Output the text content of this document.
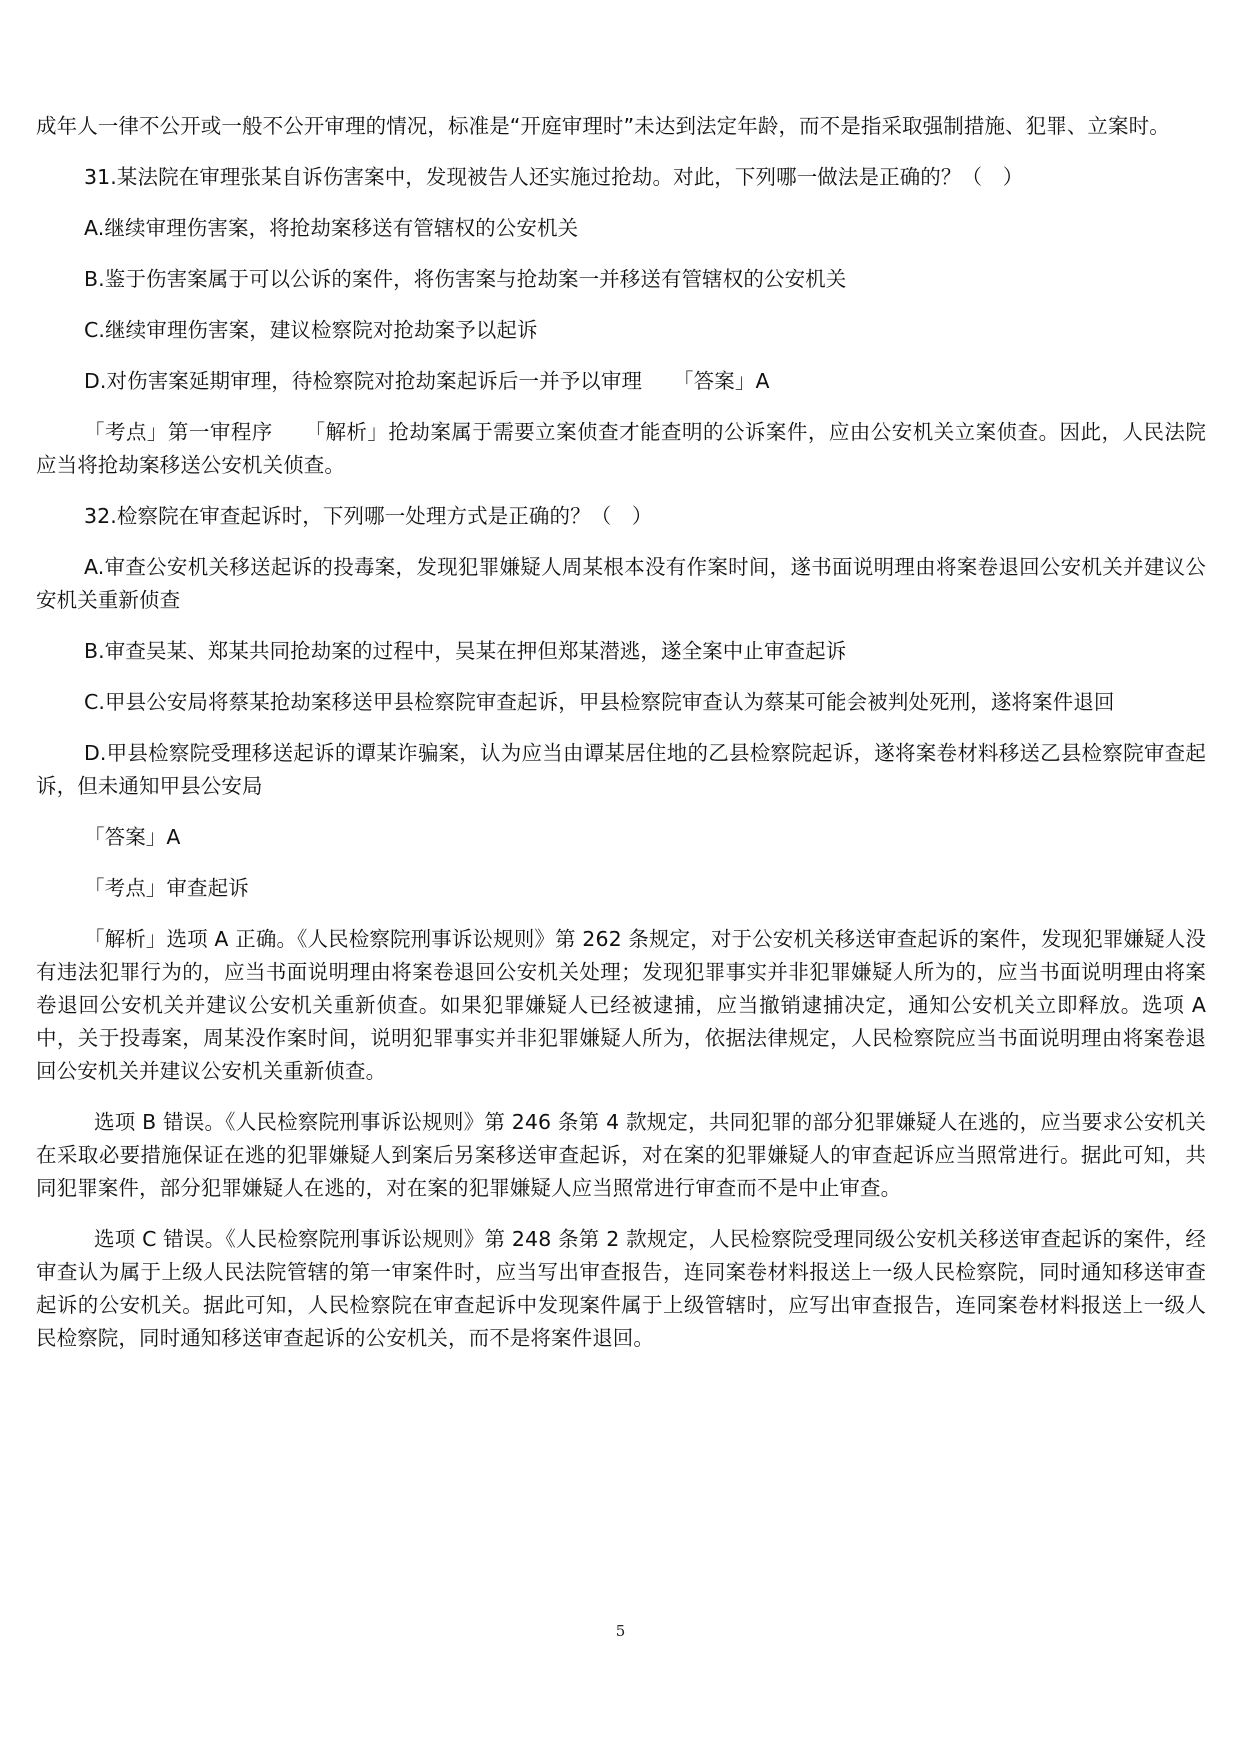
成年人一律不公开或一般不公开审理的情况，标准是“开庭审理时”未达到法定年龄，而不是指采取强制措施、犯罪、立案时。

31.某法院在审理张某自诉伤害案中，发现被告人还实施过抢劫。对此，下列哪一做法是正确的？（　）

A.继续审理伤害案，将抢劫案移送有管辖权的公安机关

B.鉴于伤害案属于可以公诉的案件，将伤害案与抢劫案一并移送有管辖权的公安机关

C.继续审理伤害案，建议检察院对抢劫案予以起诉

D.对伤害案延期审理，待检察院对抢劫案起诉后一并予以审理　　「答案」A

「考点」第一审程序　　「解析」抢劫案属于需要立案侦查才能查明的公诉案件，应由公安机关立案侦查。因此，人民法院应当将抢劫案移送公安机关侦查。

32.检察院在审查起诉时，下列哪一处理方式是正确的？（　）

A.审查公安机关移送起诉的投毒案，发现犯罪嫌疑人周某根本没有作案时间，遂书面说明理由将案卷退回公安机关并建议公安机关重新侦查

B.审查吴某、郑某共同抢劫案的过程中，吴某在押但郑某潜逃，遂全案中止审查起诉

C.甲县公安局将蔡某抢劫案移送甲县检察院审查起诉，甲县检察院审查认为蔡某可能会被判处死刑，遂将案件退回

D.甲县检察院受理移送起诉的谭某诈骗案，认为应当由谭某居住地的乙县检察院起诉，遂将案卷材料移送乙县检察院审查起诉，但未通知甲县公安局

「答案」A

「考点」审查起诉

「解析」选项 A 正确。《人民检察院刑事诉讼规则》第 262 条规定，对于公安机关移送审查起诉的案件，发现犯罪嫌疑人没有违法犯罪行为的，应当书面说明理由将案卷退回公安机关处理；发现犯罪事实并非犯罪嫌疑人所为的，应当书面说明理由将案卷退回公安机关并建议公安机关重新侦查。如果犯罪嫌疑人已经被逮捕，应当撤销逮捕决定，通知公安机关立即释放。选项 A 中，关于投毒案，周某没作案时间，说明犯罪事实并非犯罪嫌疑人所为，依据法律规定，人民检察院应当书面说明理由将案卷退回公安机关并建议公安机关重新侦查。

选项 B 错误。《人民检察院刑事诉讼规则》第 246 条第 4 款规定，共同犯罪的部分犯罪嫌疑人在逃的，应当要求公安机关在采取必要措施保证在逃的犯罪嫌疑人到案后另案移送审查起诉，对在案的犯罪嫌疑人的审查起诉应当照常进行。据此可知，共同犯罪案件，部分犯罪嫌疑人在逃的，对在案的犯罪嫌疑人应当照常进行审查而不是中止审查。

选项 C 错误。《人民检察院刑事诉讼规则》第 248 条第 2 款规定，人民检察院受理同级公安机关移送审查起诉的案件，经审查认为属于上级人民法院管辖的第一审案件时，应当写出审查报告，连同案卷材料报送上一级人民检察院，同时通知移送审查起诉的公安机关。据此可知，人民检察院在审查起诉中发现案件属于上级管辖时，应写出审查报告，连同案卷材料报送上一级人民检察院，同时通知移送审查起诉的公安机关，而不是将案件退回。

5
